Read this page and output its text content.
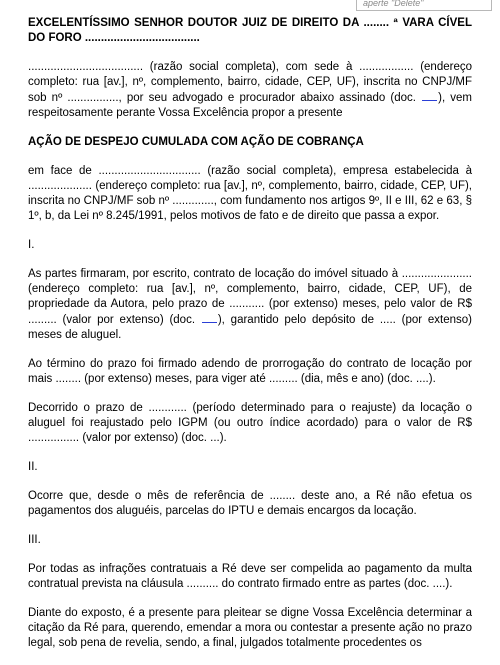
aperte "Delete"

EXCELENTÍSSIMO SENHOR DOUTOR JUIZ DE DIREITO DA ........ ª VARA CÍVEL DO FORO ....................................

.................................... (razão social completa), com sede à ................. (endereço completo: rua [av.], nº, complemento, bairro, cidade, CEP, UF), inscrita no CNPJ/MF sob nº ................, por seu advogado e procurador abaixo assinado (doc. ), vem respeitosamente perante Vossa Excelência propor a presente

AÇÃO DE DESPEJO CUMULADA COM AÇÃO DE COBRANÇA

em face de ................................ (razão social completa), empresa estabelecida à .................... (endereço completo: rua [av.], nº, complemento, bairro, cidade, CEP, UF), inscrita no CNPJ/MF sob nº ............., com fundamento nos artigos 9º, II e III, 62 e 63, § 1º, b, da Lei nº 8.245/1991, pelos motivos de fato e de direito que passa a expor.

I.

As partes firmaram, por escrito, contrato de locação do imóvel situado à ...................... (endereço completo: rua [av.], nº, complemento, bairro, cidade, CEP, UF), de propriedade da Autora, pelo prazo de ........... (por extenso) meses, pelo valor de R$ ......... (valor por extenso) (doc. ), garantido pelo depósito de ..... (por extenso) meses de aluguel.

Ao término do prazo foi firmado adendo de prorrogação do contrato de locação por mais ........ (por extenso) meses, para viger até ......... (dia, mês e ano) (doc. ....).

Decorrido o prazo de ............ (período determinado para o reajuste) da locação o aluguel foi reajustado pelo IGPM (ou outro índice acordado) para o valor de R$ ................ (valor por extenso) (doc. ...).

II.

Ocorre que, desde o mês de referência de ........ deste ano, a Ré não efetua os pagamentos dos aluguéis, parcelas do IPTU e demais encargos da locação.

III.

Por todas as infrações contratuais a Ré deve ser compelida ao pagamento da multa contratual prevista na cláusula .......... do contrato firmado entre as partes (doc. ....).

Diante do exposto, é a presente para pleitear se digne Vossa Excelência determinar a citação da Ré para, querendo, emendar a mora ou contestar a presente ação no prazo legal, sob pena de revelia, sendo, a final, julgados totalmente procedentes os
